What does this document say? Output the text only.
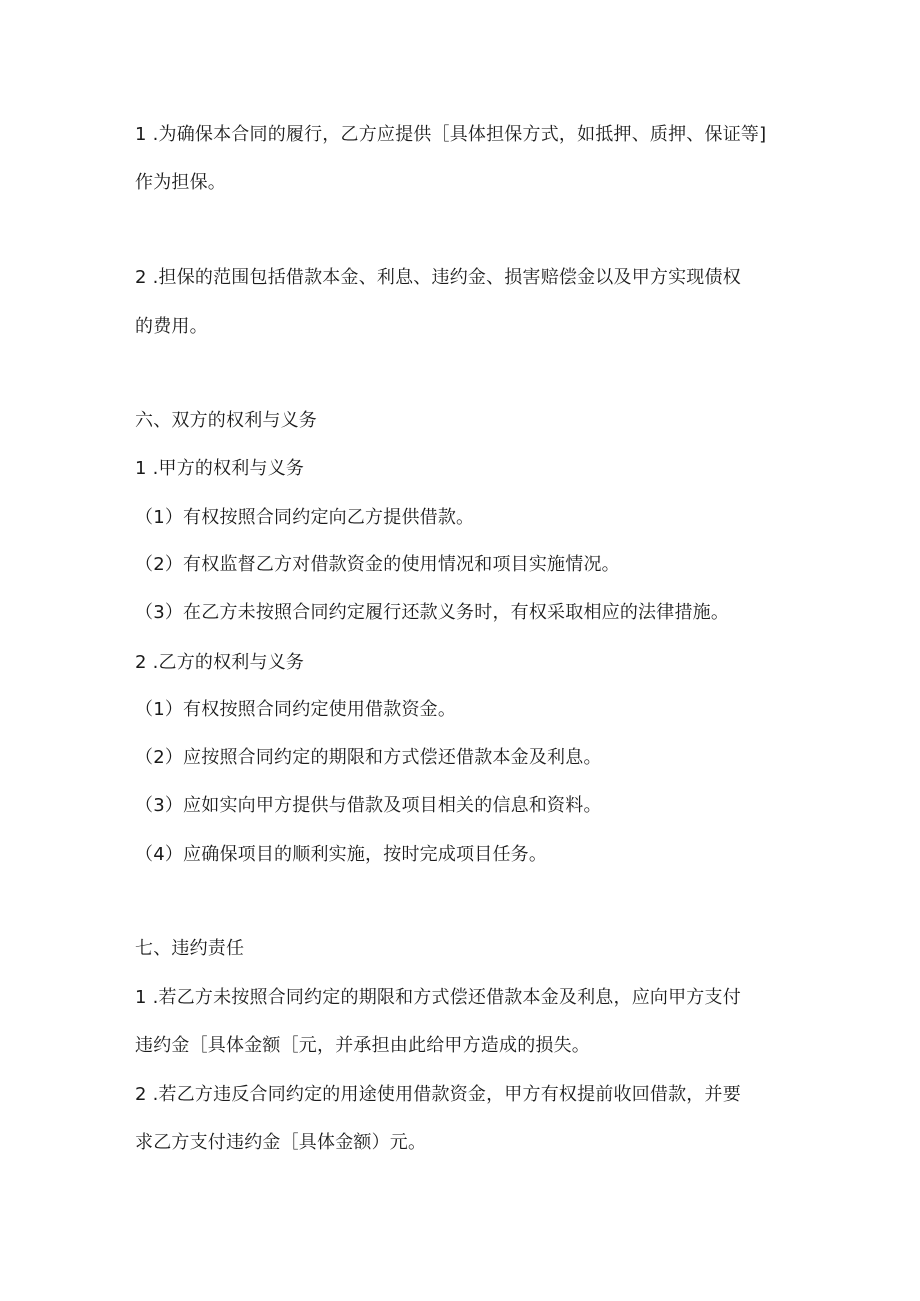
1 .为确保本合同的履行，乙方应提供［具体担保方式，如抵押、质押、保证等]
作为担保。
2 .担保的范围包括借款本金、利息、违约金、损害赔偿金以及甲方实现债权
的费用。
六、双方的权利与义务
1 .甲方的权利与义务
（1）有权按照合同约定向乙方提供借款。
（2）有权监督乙方对借款资金的使用情况和项目实施情况。
（3）在乙方未按照合同约定履行还款义务时，有权采取相应的法律措施。
2 .乙方的权利与义务
（1）有权按照合同约定使用借款资金。
（2）应按照合同约定的期限和方式偿还借款本金及利息。
（3）应如实向甲方提供与借款及项目相关的信息和资料。
（4）应确保项目的顺利实施，按时完成项目任务。
七、违约责任
1 .若乙方未按照合同约定的期限和方式偿还借款本金及利息，应向甲方支付
违约金［具体金额［元，并承担由此给甲方造成的损失。
2 .若乙方违反合同约定的用途使用借款资金，甲方有权提前收回借款，并要
求乙方支付违约金［具体金额）元。
